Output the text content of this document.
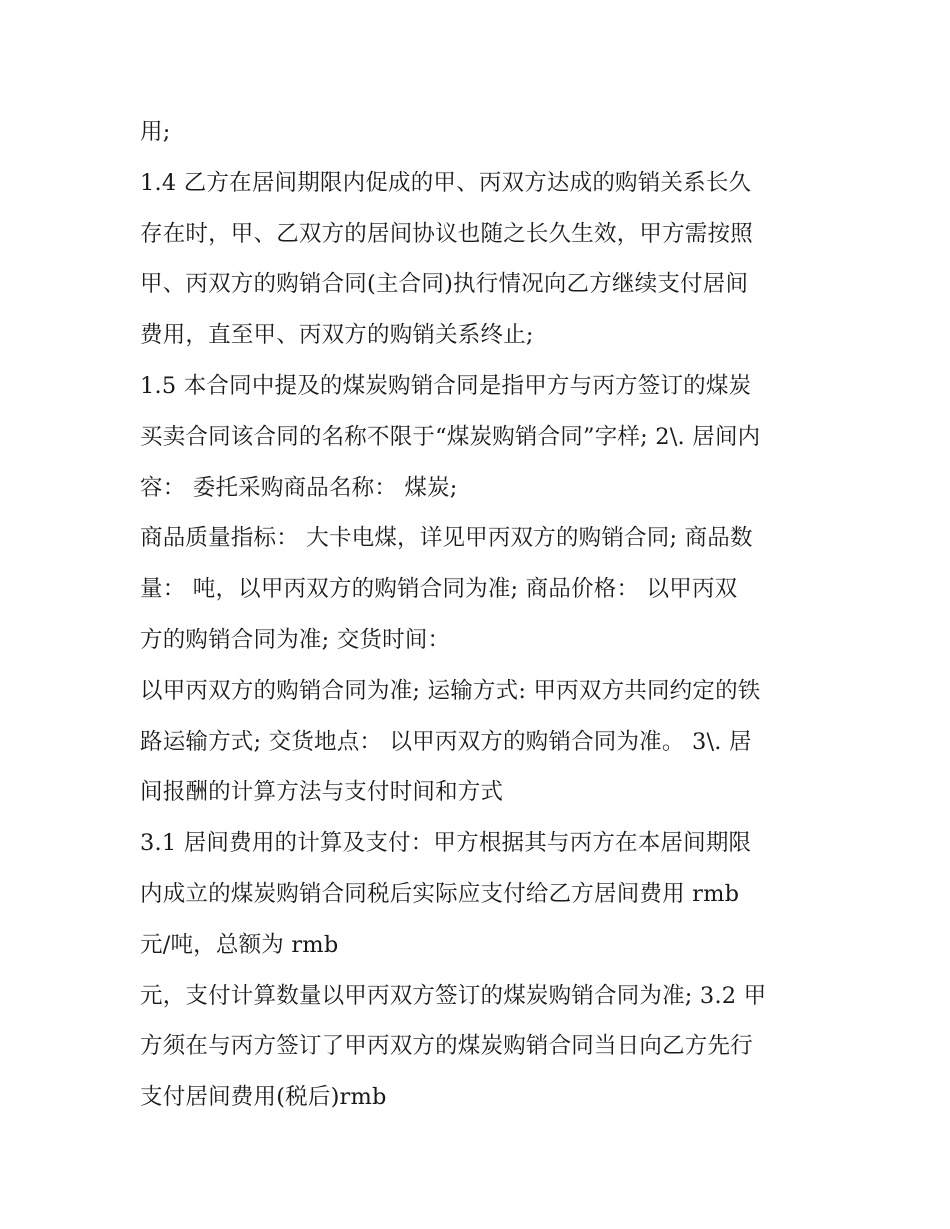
用;
1.4 乙方在居间期限内促成的甲、丙双方达成的购销关系长久
存在时，甲、乙双方的居间协议也随之长久生效，甲方需按照
甲、丙双方的购销合同(主合同)执行情况向乙方继续支付居间
费用，直至甲、丙双方的购销关系终止;
1.5 本合同中提及的煤炭购销合同是指甲方与丙方签订的煤炭
买卖合同该合同的名称不限于“煤炭购销合同”字样; 2\. 居间内
容： 委托采购商品名称： 煤炭;
商品质量指标： 大卡电煤，详见甲丙双方的购销合同; 商品数
量： 吨，以甲丙双方的购销合同为准; 商品价格： 以甲丙双
方的购销合同为准; 交货时间：
以甲丙双方的购销合同为准; 运输方式: 甲丙双方共同约定的铁
路运输方式; 交货地点： 以甲丙双方的购销合同为准。 3\. 居
间报酬的计算方法与支付时间和方式
3.1 居间费用的计算及支付：甲方根据其与丙方在本居间期限
内成立的煤炭购销合同税后实际应支付给乙方居间费用 rmb
元/吨，总额为 rmb
元，支付计算数量以甲丙双方签订的煤炭购销合同为准; 3.2 甲
方须在与丙方签订了甲丙双方的煤炭购销合同当日向乙方先行
支付居间费用(税后)rmb
